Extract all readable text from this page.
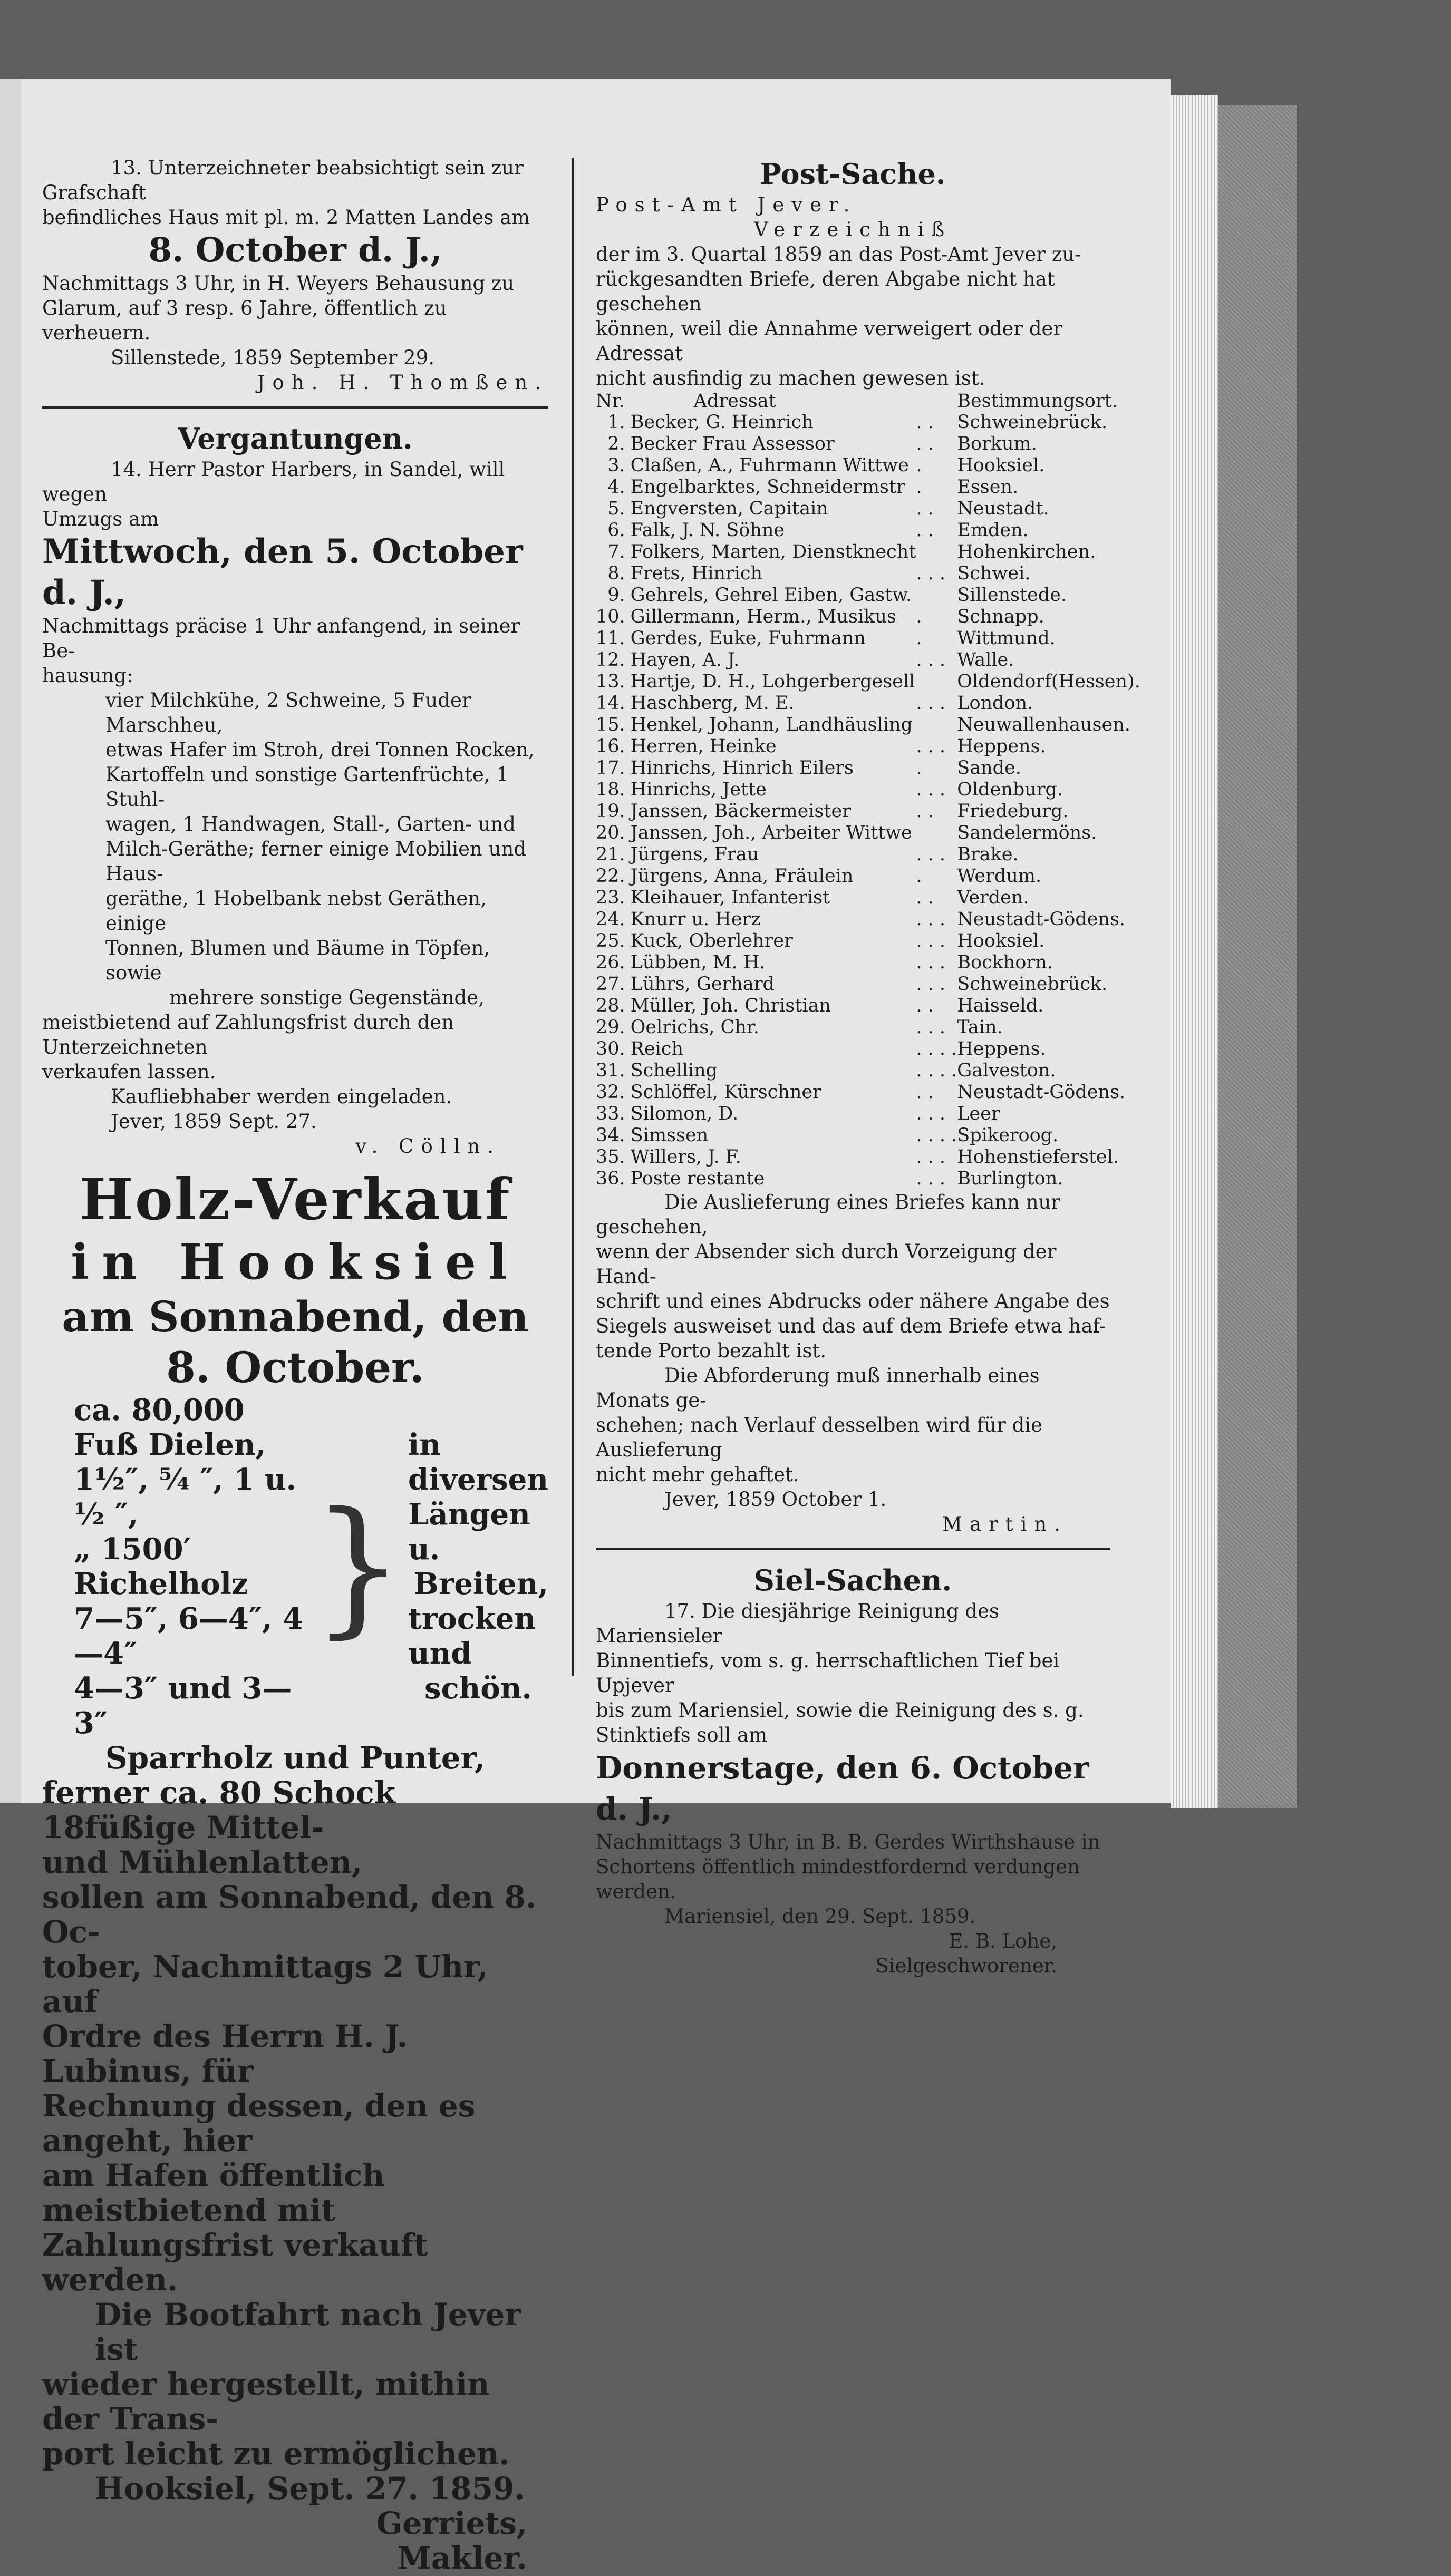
13. Unterzeichneter beabsichtigt sein zur Grafschaft

befindliches Haus mit pl. m. 2 Matten Landes am

8. October d. J.,

Nachmittags 3 Uhr, in H. Weyers Behausung zu

Glarum, auf 3 resp. 6 Jahre, öffentlich zu verheuern.

Sillenstede, 1859 September 29.

Joh. H. Thomßen.

Vergantungen.

14. Herr Pastor Harbers, in Sandel, will wegen

Umzugs am

Mittwoch, den 5. October d. J.,

Nachmittags präcise 1 Uhr anfangend, in seiner Be-

hausung:

vier Milchkühe, 2 Schweine, 5 Fuder Marschheu,

etwas Hafer im Stroh, drei Tonnen Rocken,

Kartoffeln und sonstige Gartenfrüchte, 1 Stuhl-

wagen, 1 Handwagen, Stall-, Garten- und

Milch-Geräthe; ferner einige Mobilien und Haus-

geräthe, 1 Hobelbank nebst Geräthen, einige

Tonnen, Blumen und Bäume in Töpfen, sowie

mehrere sonstige Gegenstände,

meistbietend auf Zahlungsfrist durch den Unterzeichneten

verkaufen lassen.

Kaufliebhaber werden eingeladen.

Jever, 1859 Sept. 27.

v. Cölln.

Holz-Verkauf

in Hooksiel

am Sonnabend, den

8. October.

ca. 80,000 Fuß Dielen,

1½″, ⁵⁄₄ ″, 1 u. ½ ″,

„ 1500′ Richelholz

7—5″, 6—4″, 4—4″

4—3″ und 3—3″

}

in diversen

Längen u.

Breiten,

trocken und

schön.

Sparrholz und Punter,

ferner ca. 80 Schock 18füßige Mittel-

und Mühlenlatten,

sollen am Sonnabend, den 8. Oc-

tober, Nachmittags 2 Uhr, auf

Ordre des Herrn H. J. Lubinus, für

Rechnung dessen, den es angeht, hier

am Hafen öffentlich meistbietend mit

Zahlungsfrist verkauft werden.

Die Bootfahrt nach Jever ist

wieder hergestellt, mithin der Trans-

port leicht zu ermöglichen.

Hooksiel, Sept. 27. 1859.

Gerriets,

Makler.

Post-Sache.

Post-Amt Jever.

Verzeichniß

der im 3. Quartal 1859 an das Post-Amt Jever zu-

rückgesandten Briefe, deren Abgabe nicht hat geschehen

können, weil die Annahme verweigert oder der Adressat

nicht ausfindig zu machen gewesen ist.

Nr.	Adressat		Bestimmungsort.
1.	Becker, G. Heinrich	. .	Schweinebrück.
2.	Becker Frau Assessor	. .	Borkum.
3.	Claßen, A., Fuhrmann Wittwe	.	Hooksiel.
4.	Engelbarktes, Schneidermstr	.	Essen.
5.	Engversten, Capitain	. .	Neustadt.
6.	Falk, J. N. Söhne	. .	Emden.
7.	Folkers, Marten, Dienstknecht		Hohenkirchen.
8.	Frets, Hinrich	. . .	Schwei.
9.	Gehrels, Gehrel Eiben, Gastw.		Sillenstede.
10.	Gillermann, Herm., Musikus	.	Schnapp.
11.	Gerdes, Euke, Fuhrmann	.	Wittmund.
12.	Hayen, A. J.	. . .	Walle.
13.	Hartje, D. H., Lohgerbergesell		Oldendorf(Hessen).
14.	Haschberg, M. E.	. . .	London.
15.	Henkel, Johann, Landhäusling		Neuwallenhausen.
16.	Herren, Heinke	. . .	Heppens.
17.	Hinrichs, Hinrich Eilers	.	Sande.
18.	Hinrichs, Jette	. . .	Oldenburg.
19.	Janssen, Bäckermeister	. .	Friedeburg.
20.	Janssen, Joh., Arbeiter Wittwe		Sandelermöns.
21.	Jürgens, Frau	. . .	Brake.
22.	Jürgens, Anna, Fräulein	.	Werdum.
23.	Kleihauer, Infanterist	. .	Verden.
24.	Knurr u. Herz	. . .	Neustadt-Gödens.
25.	Kuck, Oberlehrer	. . .	Hooksiel.
26.	Lübben, M. H.	. . .	Bockhorn.
27.	Lührs, Gerhard	. . .	Schweinebrück.
28.	Müller, Joh. Christian	. .	Haisseld.
29.	Oelrichs, Chr.	. . .	Tain.
30.	Reich	. . . .	Heppens.
31.	Schelling	. . . .	Galveston.
32.	Schlöffel, Kürschner	. .	Neustadt-Gödens.
33.	Silomon, D.	. . .	Leer
34.	Simssen	. . . .	Spikeroog.
35.	Willers, J. F.	. . .	Hohenstieferstel.
36.	Poste restante	. . .	Burlington.

Die Auslieferung eines Briefes kann nur geschehen,

wenn der Absender sich durch Vorzeigung der Hand-

schrift und eines Abdrucks oder nähere Angabe des

Siegels ausweiset und das auf dem Briefe etwa haf-

tende Porto bezahlt ist.

Die Abforderung muß innerhalb eines Monats ge-

schehen; nach Verlauf desselben wird für die Auslieferung

nicht mehr gehaftet.

Jever, 1859 October 1.

Martin.

Siel-Sachen.

17. Die diesjährige Reinigung des Mariensieler

Binnentiefs, vom s. g. herrschaftlichen Tief bei Upjever

bis zum Mariensiel, sowie die Reinigung des s. g.

Stinktiefs soll am

Donnerstage, den 6. October d. J.,

Nachmittags 3 Uhr, in B. B. Gerdes Wirthshause in

Schortens öffentlich mindestfordernd verdungen werden.

Mariensiel, den 29. Sept. 1859.

E. B. Lohe,

Sielgeschworener.
